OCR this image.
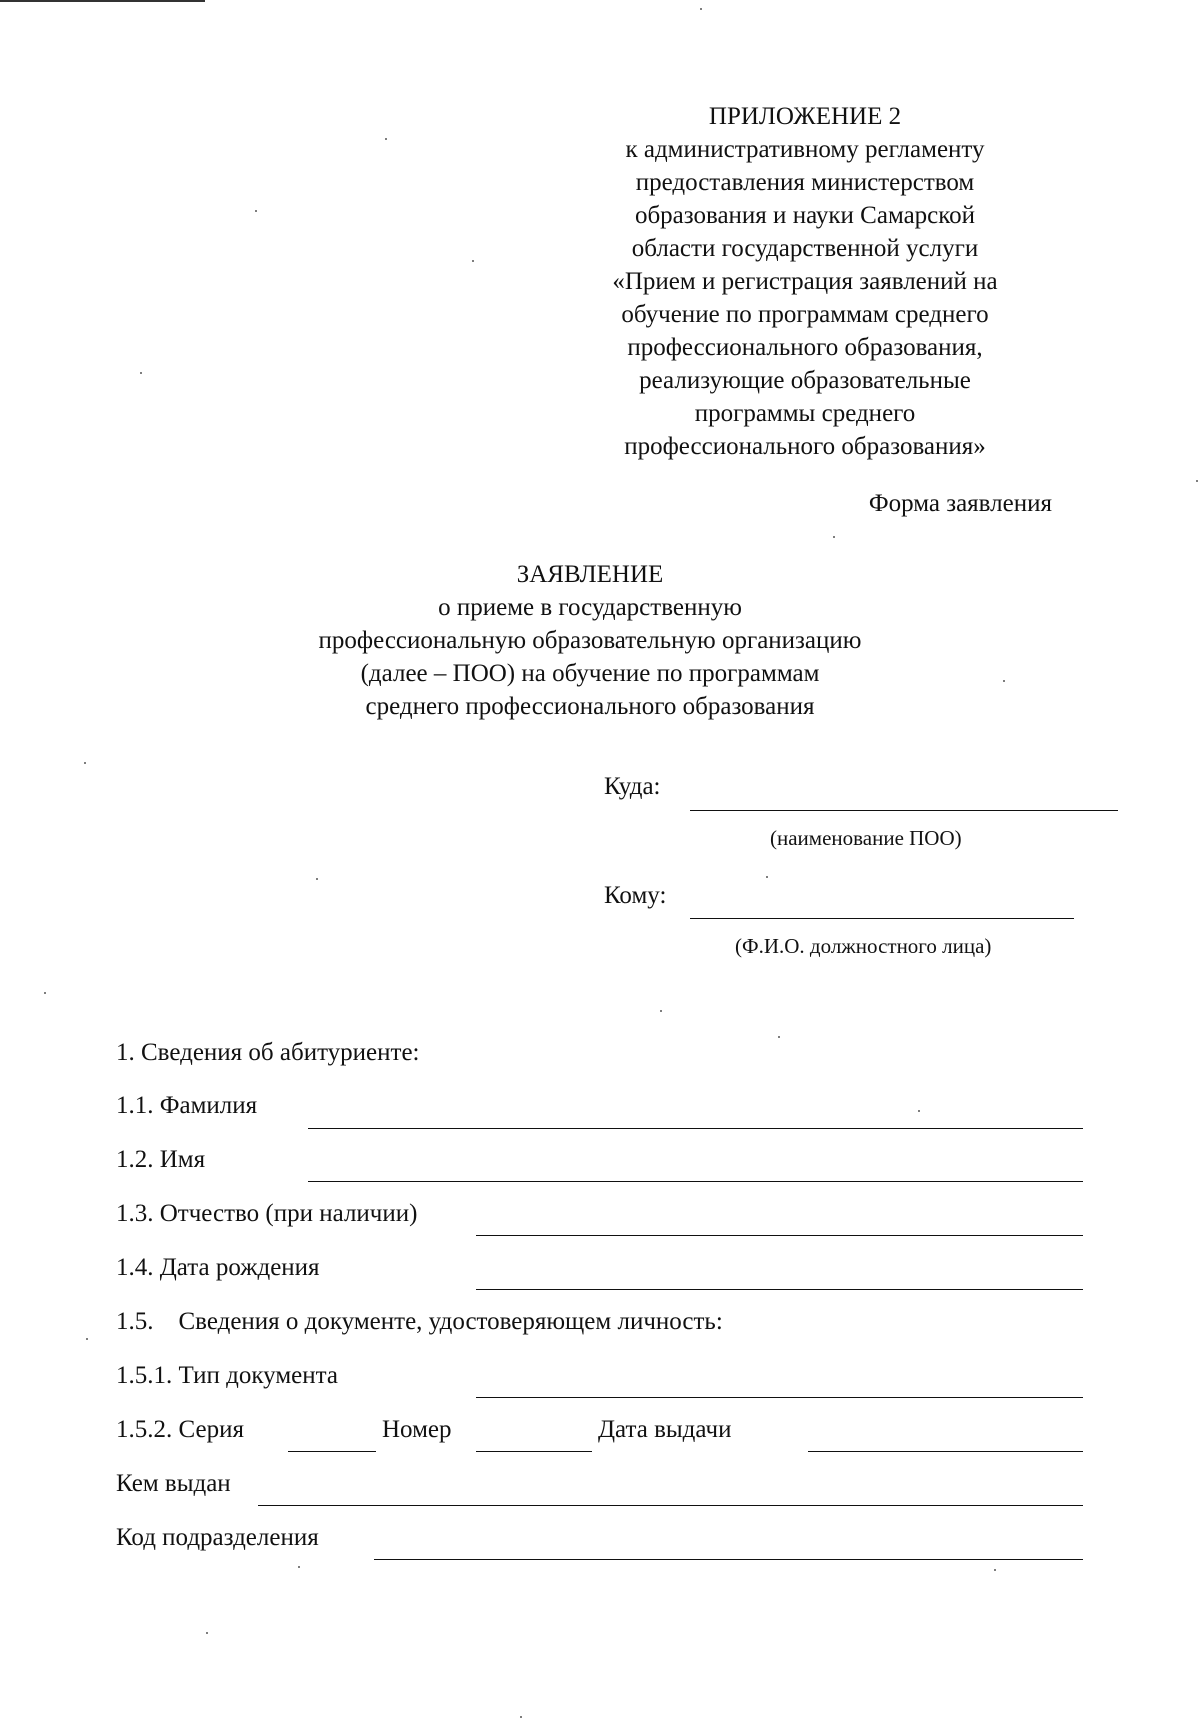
ПРИЛОЖЕНИЕ 2
к административному регламенту
предоставления министерством
образования и науки Самарской
области государственной услуги
«Прием и регистрация заявлений на
обучение по программам среднего
профессионального образования,
реализующие образовательные
программы среднего
профессионального образования»
Форма заявления
ЗАЯВЛЕНИЕ
о приеме в государственную
профессиональную образовательную организацию
(далее – ПОО) на обучение по программам
среднего профессионального образования
Куда:
(наименование ПОО)
Кому:
(Ф.И.О. должностного лица)
1. Сведения об абитуриенте:
1.1. Фамилия
1.2. Имя
1.3. Отчество (при наличии)
1.4. Дата рождения
1.5.    Сведения о документе, удостоверяющем личность:
1.5.1. Тип документа
1.5.2. Серия	Номер	Дата выдачи
Кем выдан
Код подразделения
